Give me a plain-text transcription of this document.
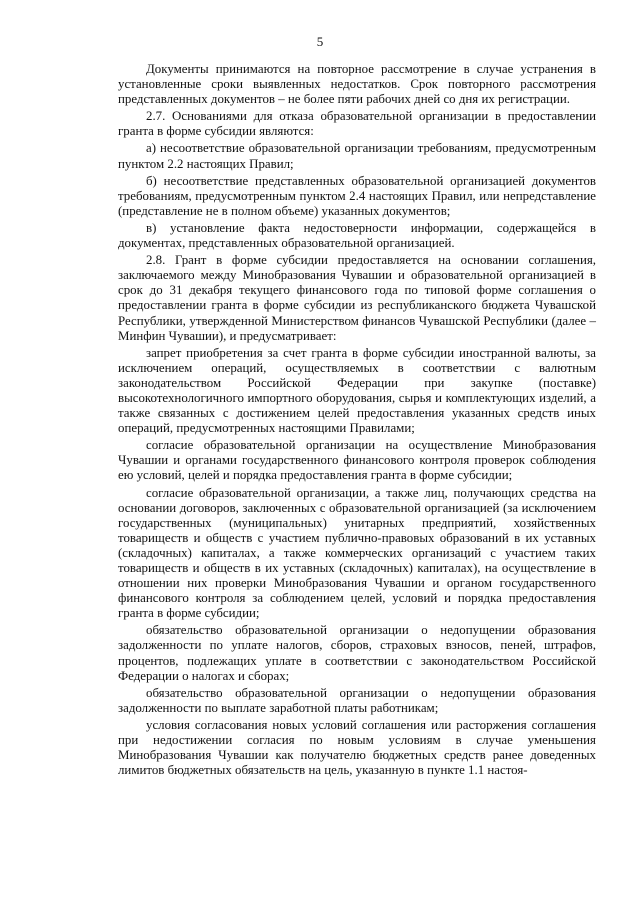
5

Документы принимаются на повторное рассмотрение в случае устранения в установленные сроки выявленных недостатков. Срок повторного рассмотрения представленных документов – не более пяти рабочих дней со дня их регистрации.

2.7. Основаниями для отказа образовательной организации в предоставлении гранта в форме субсидии являются:

а) несоответствие образовательной организации требованиям, предусмотренным пунктом 2.2 настоящих Правил;

б) несоответствие представленных образовательной организацией документов требованиям, предусмотренным пунктом 2.4 настоящих Правил, или непредставление (представление не в полном объеме) указанных документов;

в) установление факта недостоверности информации, содержащейся в документах, представленных образовательной организацией.

2.8. Грант в форме субсидии предоставляется на основании соглашения, заключаемого между Минобразования Чувашии и образовательной организацией в срок до 31 декабря текущего финансового года по типовой форме соглашения о предоставлении гранта в форме субсидии из республиканского бюджета Чувашской Республики, утвержденной Министерством финансов Чувашской Республики (далее – Минфин Чувашии), и предусматривает:

запрет приобретения за счет гранта в форме субсидии иностранной валюты, за исключением операций, осуществляемых в соответствии с валютным законодательством Российской Федерации при закупке (поставке) высокотехнологичного импортного оборудования, сырья и комплектующих изделий, а также связанных с достижением целей предоставления указанных средств иных операций, предусмотренных настоящими Правилами;

согласие образовательной организации на осуществление Минобразования Чувашии и органами государственного финансового контроля проверок соблюдения ею условий, целей и порядка предоставления гранта в форме субсидии;

согласие образовательной организации, а также лиц, получающих средства на основании договоров, заключенных с образовательной организацией (за исключением государственных (муниципальных) унитарных предприятий, хозяйственных товариществ и обществ с участием публично-правовых образований в их уставных (складочных) капиталах, а также коммерческих организаций с участием таких товариществ и обществ в их уставных (складочных) капиталах), на осуществление в отношении них проверки Минобразования Чувашии и органом государственного финансового контроля за соблюдением целей, условий и порядка предоставления гранта в форме субсидии;

обязательство образовательной организации о недопущении образования задолженности по уплате налогов, сборов, страховых взносов, пеней, штрафов, процентов, подлежащих уплате в соответствии с законодательством Российской Федерации о налогах и сборах;

обязательство образовательной организации о недопущении образования задолженности по выплате заработной платы работникам;

условия согласования новых условий соглашения или расторжения соглашения при недостижении согласия по новым условиям в случае уменьшения Минобразования Чувашии как получателю бюджетных средств ранее доведенных лимитов бюджетных обязательств на цель, указанную в пункте 1.1 настоя-
